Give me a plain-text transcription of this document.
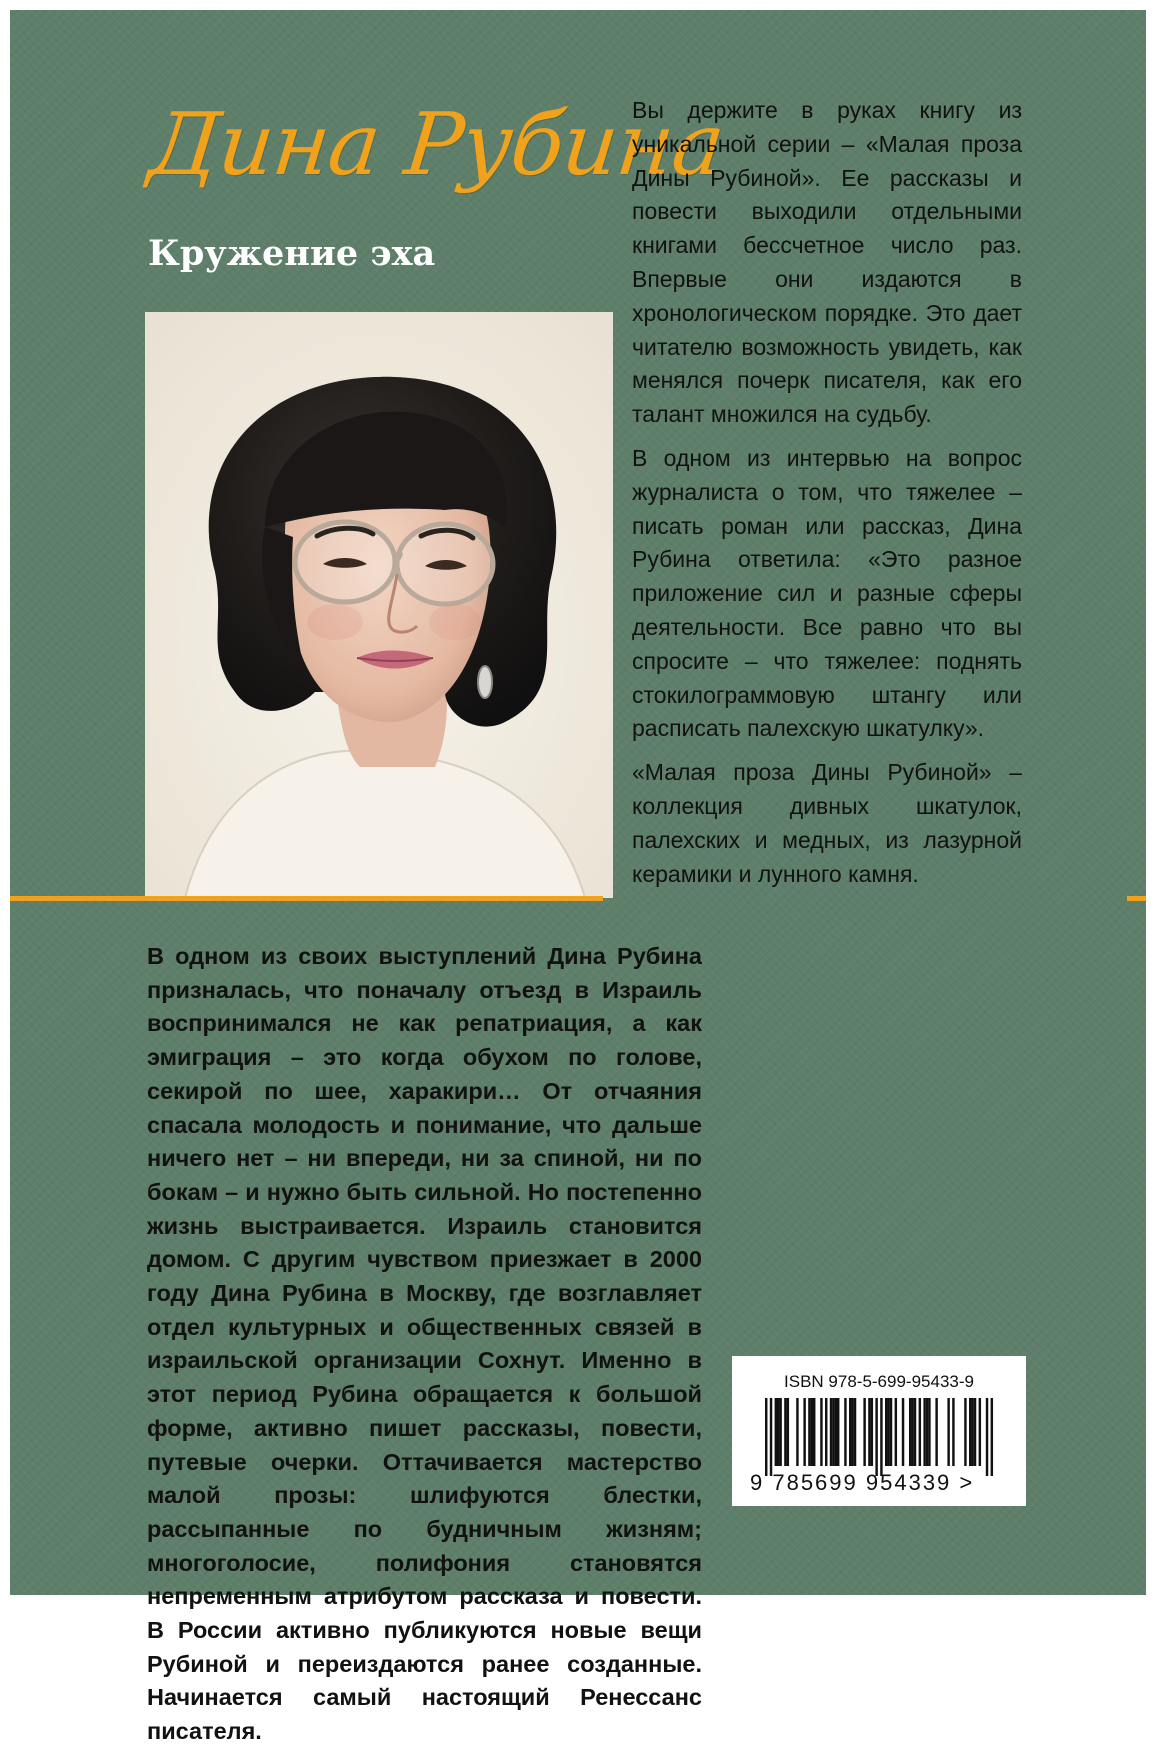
Дина Рубина
Кружение эха

Вы держите в руках книгу из уникальной серии – «Малая проза Дины Рубиной». Ее рассказы и повести выходили отдельными книгами бессчетное число раз. Впервые они издаются в хронологическом порядке. Это дает читателю возможность увидеть, как менялся почерк писателя, как его талант множился на судьбу.

В одном из интервью на вопрос журналиста о том, что тяжелее – писать роман или рассказ, Дина Рубина ответила: «Это разное приложение сил и разные сферы деятельности. Все равно что вы спросите – что тяжелее: поднять стокилограммовую штангу или расписать палехскую шкатулку».

«Малая проза Дины Рубиной» – коллекция дивных шкатулок, палехских и медных, из лазурной керамики и лунного камня.

В одном из своих выступлений Дина Рубина призналась, что поначалу отъезд в Израиль воспринимался не как репатриация, а как эмиграция – это когда обухом по голове, секирой по шее, харакири… От отчаяния спасала молодость и понимание, что дальше ничего нет – ни впереди, ни за спиной, ни по бокам – и нужно быть сильной. Но постепенно жизнь выстраивается. Израиль становится домом. С другим чувством приезжает в 2000 году Дина Рубина в Москву, где возглавляет отдел культурных и общественных связей в израильской организации Сохнут. Именно в этот период Рубина обращается к большой форме, активно пишет рассказы, повести, путевые очерки. Оттачивается мастерство малой прозы: шлифуются блестки, рассыпанные по будничным жизням; многоголосие, полифония становятся непременным атрибутом рассказа и повести. В России активно публикуются новые вещи Рубиной и переиздаются ранее созданные. Начинается самый настоящий Ренессанс писателя.
ISBN 978-5-699-95433-9
9 785699 954339 >
